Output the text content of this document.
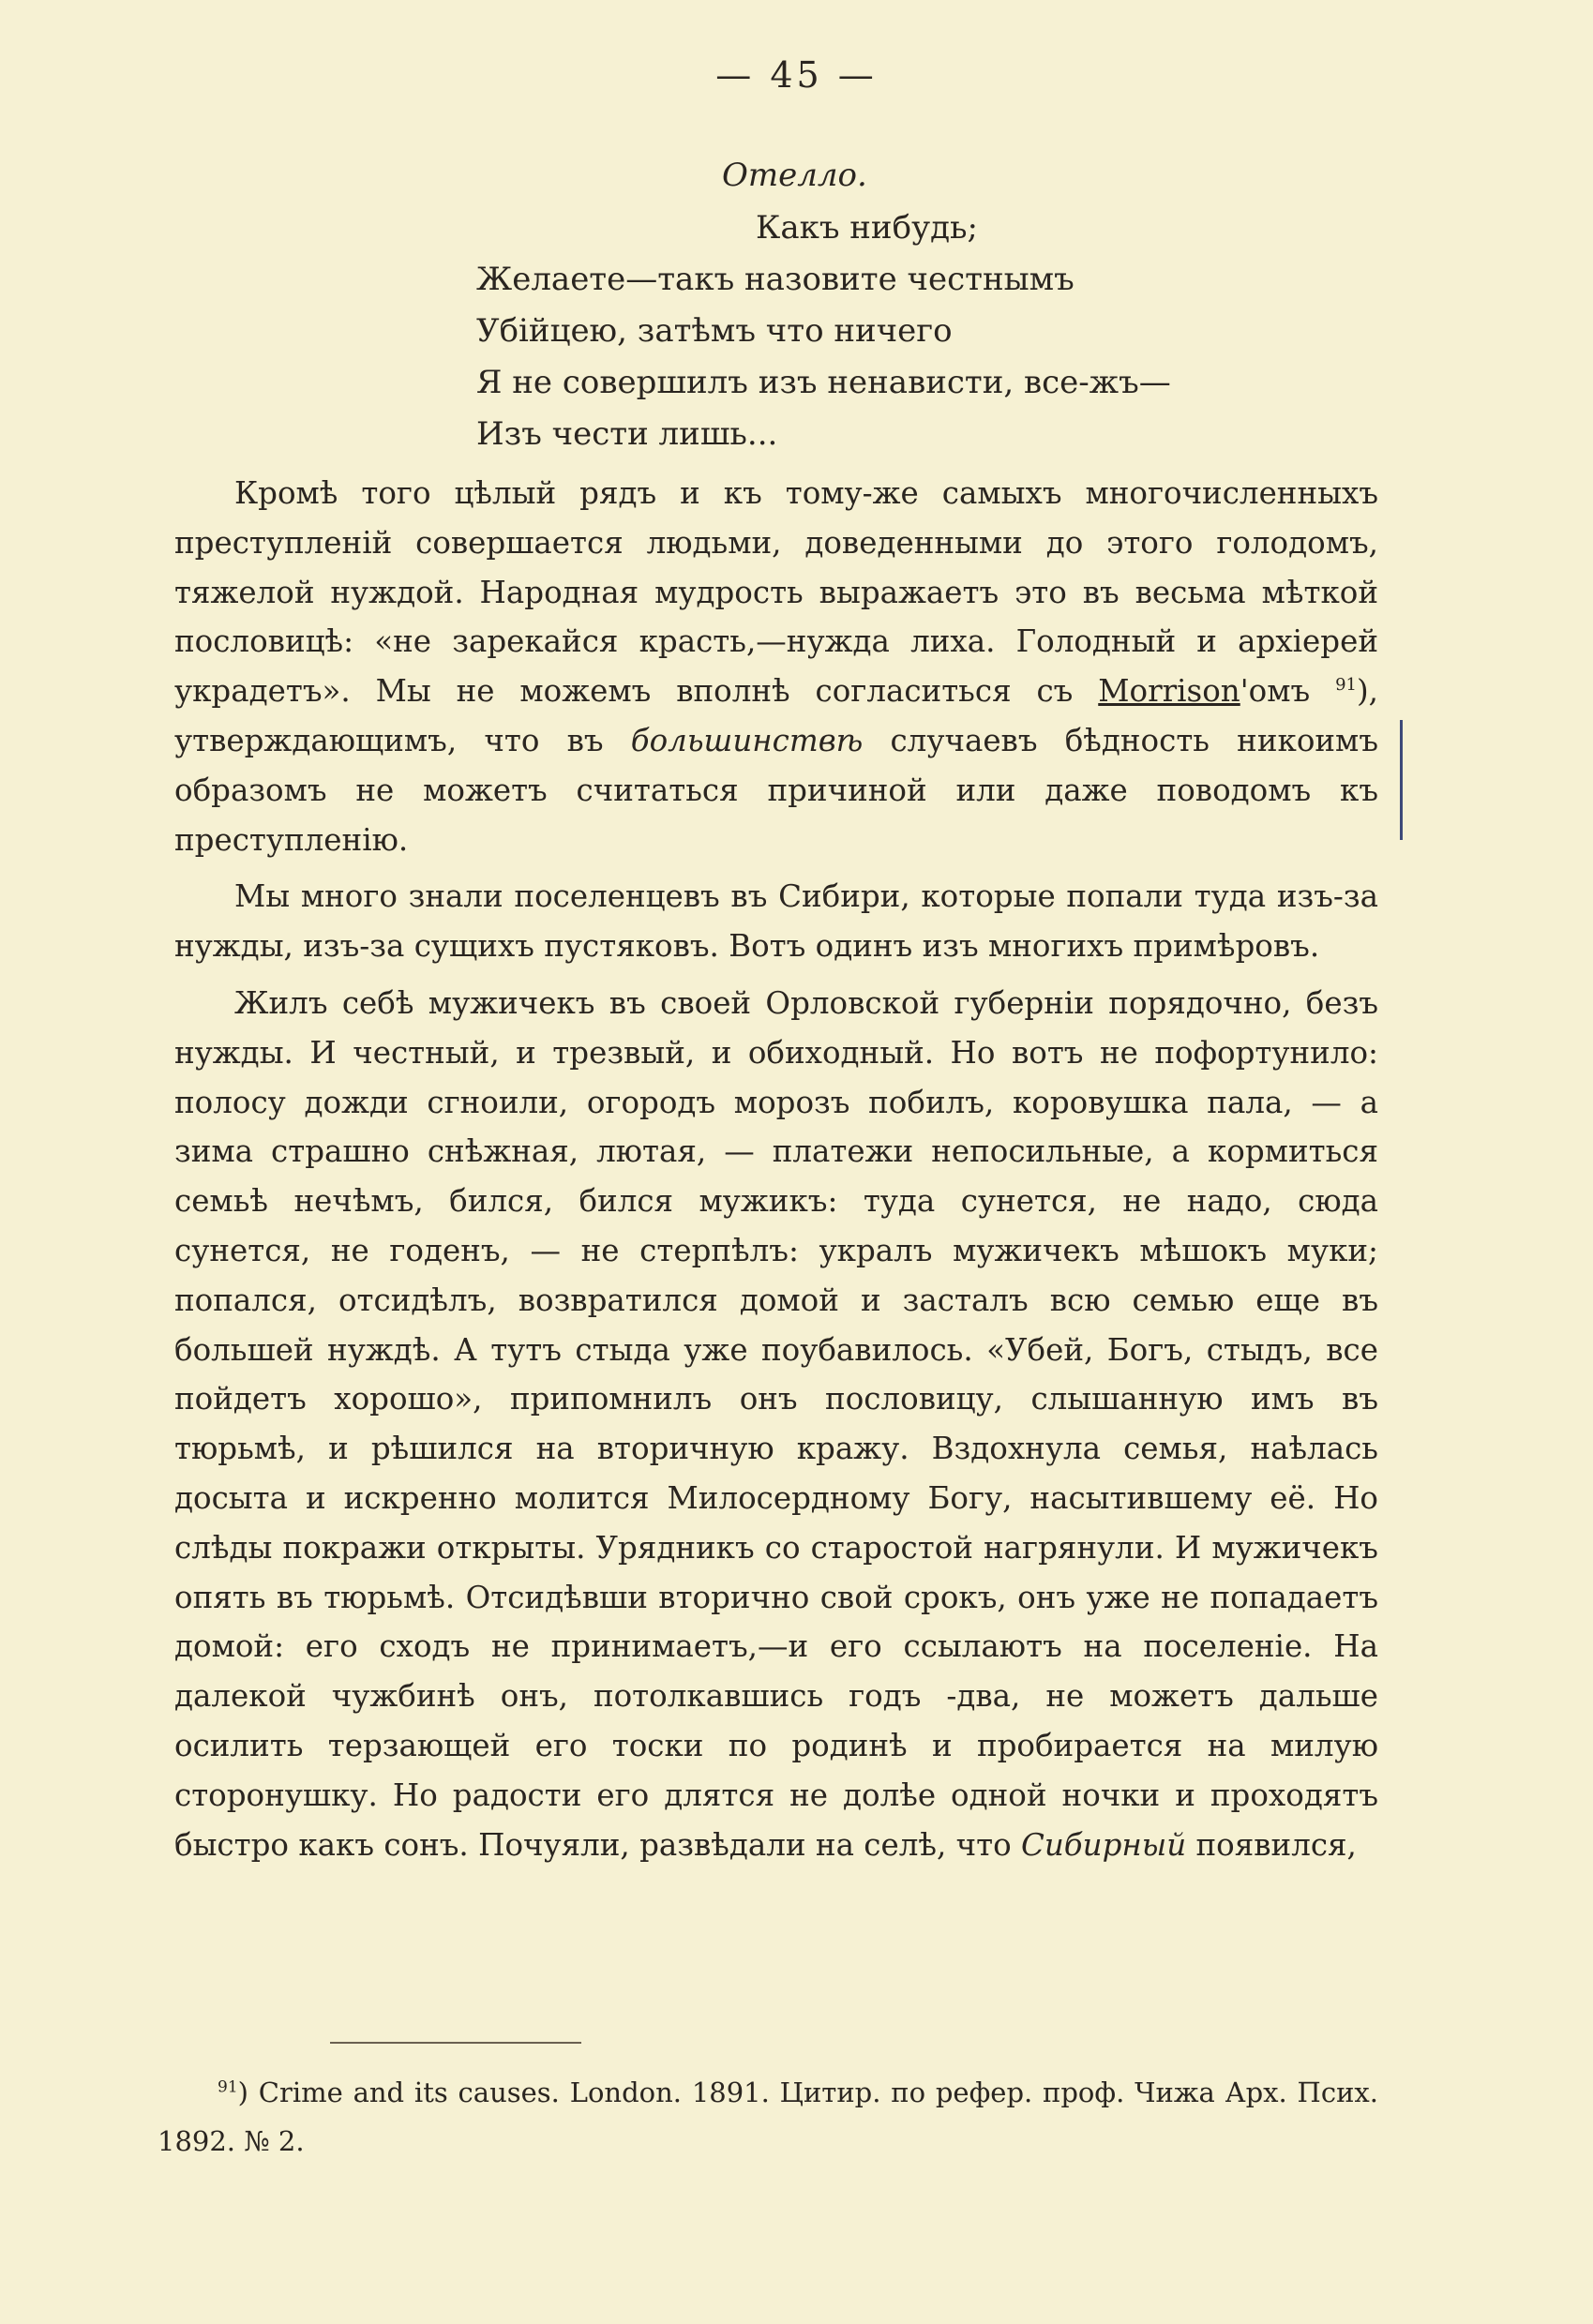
— 45 —
Отелло.
Какъ нибудь;
Желаете—такъ назовите честнымъ
Убійцею, затѣмъ что ничего
Я не совершилъ изъ ненависти, все-жъ—
Изъ чести лишь...

Кромѣ того цѣлый рядъ и къ тому-же самыхъ многочисленныхъ преступленій совершается людьми, доведенными до этого голодомъ, тяжелой нуждой. Народная мудрость выражаетъ это въ весьма мѣткой пословицѣ: «не зарекайся красть,—нужда лиха. Голодный и архіерей украдетъ». Мы не можемъ вполнѣ согласиться съ Morrison'омъ $^{91}$), утверждающимъ, что въ большинствѣ случаевъ бѣдность никоимъ образомъ не можетъ считаться причиной или даже поводомъ къ преступленію.

Мы много знали поселенцевъ въ Сибири, которые попали туда изъ-за нужды, изъ-за сущихъ пустяковъ. Вотъ одинъ изъ многихъ примѣровъ.

Жилъ себѣ мужичекъ въ своей Орловской губерніи порядочно, безъ нужды. И честный, и трезвый, и обиходный. Но вотъ не пофортунило: полосу дожди сгноили, огородъ морозъ побилъ, коровушка пала, — а зима страшно снѣжная, лютая, — платежи непосильные, а кормиться семьѣ нечѣмъ, бился, бился мужикъ: туда сунется, не надо, сюда сунется, не годенъ, — не стерпѣлъ: укралъ мужичекъ мѣшокъ муки; попался, отсидѣлъ, возвратился домой и засталъ всю семью еще въ большей нуждѣ. А тутъ стыда уже поубавилось. «Убей, Богъ, стыдъ, все пойдетъ хорошо», припомнилъ онъ пословицу, слышанную имъ въ тюрьмѣ, и рѣшился на вторичную кражу. Вздохнула семья, наѣлась досыта и искренно молится Милосердному Богу, насытившему её. Но слѣды покражи открыты. Урядникъ со старостой нагрянули. И мужичекъ опять въ тюрьмѣ. Отсидѣвши вторично свой срокъ, онъ уже не попадаетъ домой: его сходъ не принимаетъ,—и его ссылаютъ на поселеніе. На далекой чужбинѣ онъ, потолкавшись годъ -два, не можетъ дальше осилить терзающей его тоски по родинѣ и пробирается на милую сторонушку. Но радости его длятся не долѣе одной ночки и проходятъ быстро какъ сонъ. Почуяли, развѣдали на селѣ, что Сибирный появился,

$^{91}$) Crime and its causes. London. 1891. Цитир. по рефер. проф. Чижа Арх. Псих. 1892. № 2.
